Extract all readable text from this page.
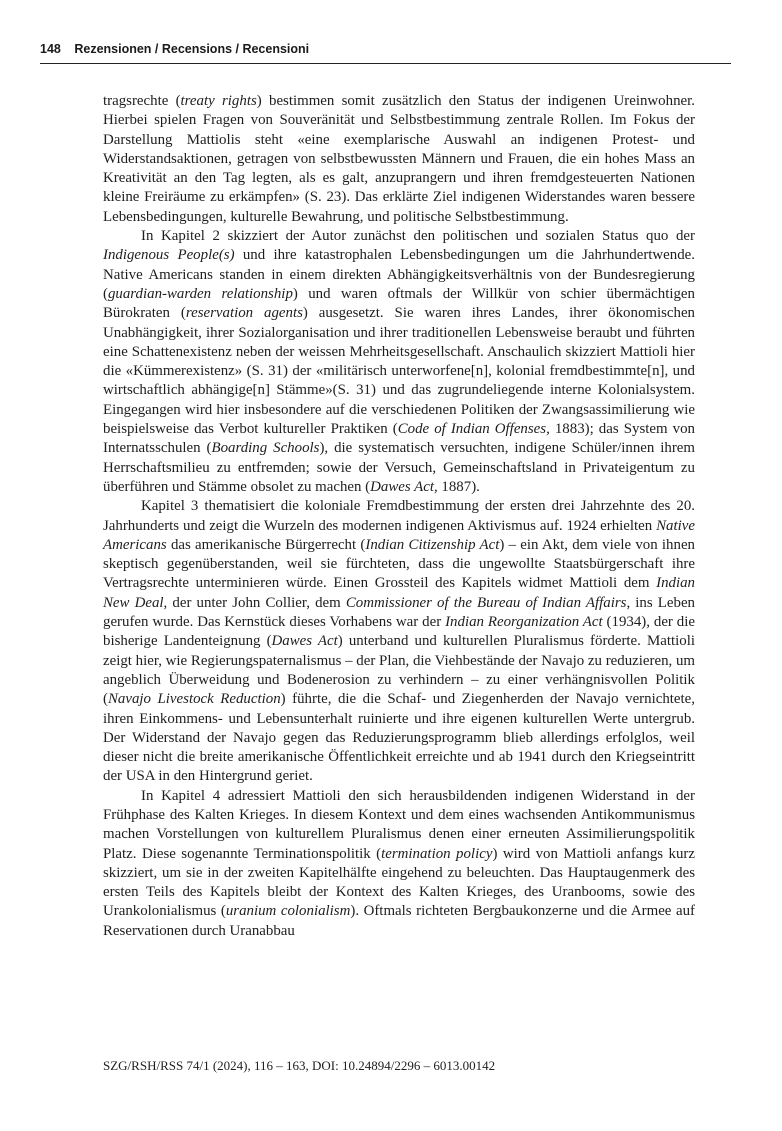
148 Rezensionen / Recensions / Recensioni

tragsrechte (treaty rights) bestimmen somit zusätzlich den Status der indigenen Ureinwohner. Hierbei spielen Fragen von Souveränität und Selbstbestimmung zentrale Rollen. Im Fokus der Darstellung Mattiolis steht «eine exemplarische Auswahl an indigenen Protest- und Widerstandsaktionen, getragen von selbstbewussten Männern und Frauen, die ein hohes Mass an Kreativität an den Tag legten, als es galt, anzuprangern und ihren fremdgesteuerten Nationen kleine Freiräume zu erkämpfen» (S. 23). Das erklärte Ziel indigenen Widerstandes waren bessere Lebensbedingungen, kulturelle Bewahrung, und politische Selbstbestimmung.

In Kapitel 2 skizziert der Autor zunächst den politischen und sozialen Status quo der Indigenous People(s) und ihre katastrophalen Lebensbedingungen um die Jahrhundertwende. Native Americans standen in einem direkten Abhängigkeitsverhältnis von der Bundesregierung (guardian-warden relationship) und waren oftmals der Willkür von schier übermächtigen Bürokraten (reservation agents) ausgesetzt. Sie waren ihres Landes, ihrer ökonomischen Unabhängigkeit, ihrer Sozialorganisation und ihrer traditionellen Lebensweise beraubt und führten eine Schattenexistenz neben der weissen Mehrheitsgesellschaft. Anschaulich skizziert Mattioli hier die «Kümmerexistenz» (S. 31) der «militärisch unterworfene[n], kolonial fremdbestimmte[n], und wirtschaftlich abhängige[n] Stämme»(S. 31) und das zugrundeliegende interne Kolonialsystem. Eingegangen wird hier insbesondere auf die verschiedenen Politiken der Zwangsassimilierung wie beispielsweise das Verbot kultureller Praktiken (Code of Indian Offenses, 1883); das System von Internatsschulen (Boarding Schools), die systematisch versuchten, indigene Schüler/innen ihrem Herrschaftsmilieu zu entfremden; sowie der Versuch, Gemeinschaftsland in Privateigentum zu überführen und Stämme obsolet zu machen (Dawes Act, 1887).

Kapitel 3 thematisiert die koloniale Fremdbestimmung der ersten drei Jahrzehnte des 20. Jahrhunderts und zeigt die Wurzeln des modernen indigenen Aktivismus auf. 1924 erhielten Native Americans das amerikanische Bürgerrecht (Indian Citizenship Act) – ein Akt, dem viele von ihnen skeptisch gegenüberstanden, weil sie fürchteten, dass die ungewollte Staatsbürgerschaft ihre Vertragsrechte unterminieren würde. Einen Grossteil des Kapitels widmet Mattioli dem Indian New Deal, der unter John Collier, dem Commissioner of the Bureau of Indian Affairs, ins Leben gerufen wurde. Das Kernstück dieses Vorhabens war der Indian Reorganization Act (1934), der die bisherige Landenteignung (Dawes Act) unterband und kulturellen Pluralismus förderte. Mattioli zeigt hier, wie Regierungspaternalismus – der Plan, die Viehbestände der Navajo zu reduzieren, um angeblich Überweidung und Bodenerosion zu verhindern – zu einer verhängnisvollen Politik (Navajo Livestock Reduction) führte, die die Schaf- und Ziegenherden der Navajo vernichtete, ihren Einkommens- und Lebensunterhalt ruinierte und ihre eigenen kulturellen Werte untergrub. Der Widerstand der Navajo gegen das Reduzierungsprogramm blieb allerdings erfolglos, weil dieser nicht die breite amerikanische Öffentlichkeit erreichte und ab 1941 durch den Kriegseintritt der USA in den Hintergrund geriet.

In Kapitel 4 adressiert Mattioli den sich herausbildenden indigenen Widerstand in der Frühphase des Kalten Krieges. In diesem Kontext und dem eines wachsenden Antikommunismus machen Vorstellungen von kulturellem Pluralismus denen einer erneuten Assimilierungspolitik Platz. Diese sogenannte Terminationspolitik (termination policy) wird von Mattioli anfangs kurz skizziert, um sie in der zweiten Kapitelhälfte eingehend zu beleuchten. Das Hauptaugenmerk des ersten Teils des Kapitels bleibt der Kontext des Kalten Krieges, des Uranbooms, sowie des Urankolonialismus (uranium colonialism). Oftmals richteten Bergbaukonzerne und die Armee auf Reservationen durch Uranabbau

SZG/RSH/RSS 74/1 (2024), 116 – 163, DOI: 10.24894/2296 – 6013.00142
